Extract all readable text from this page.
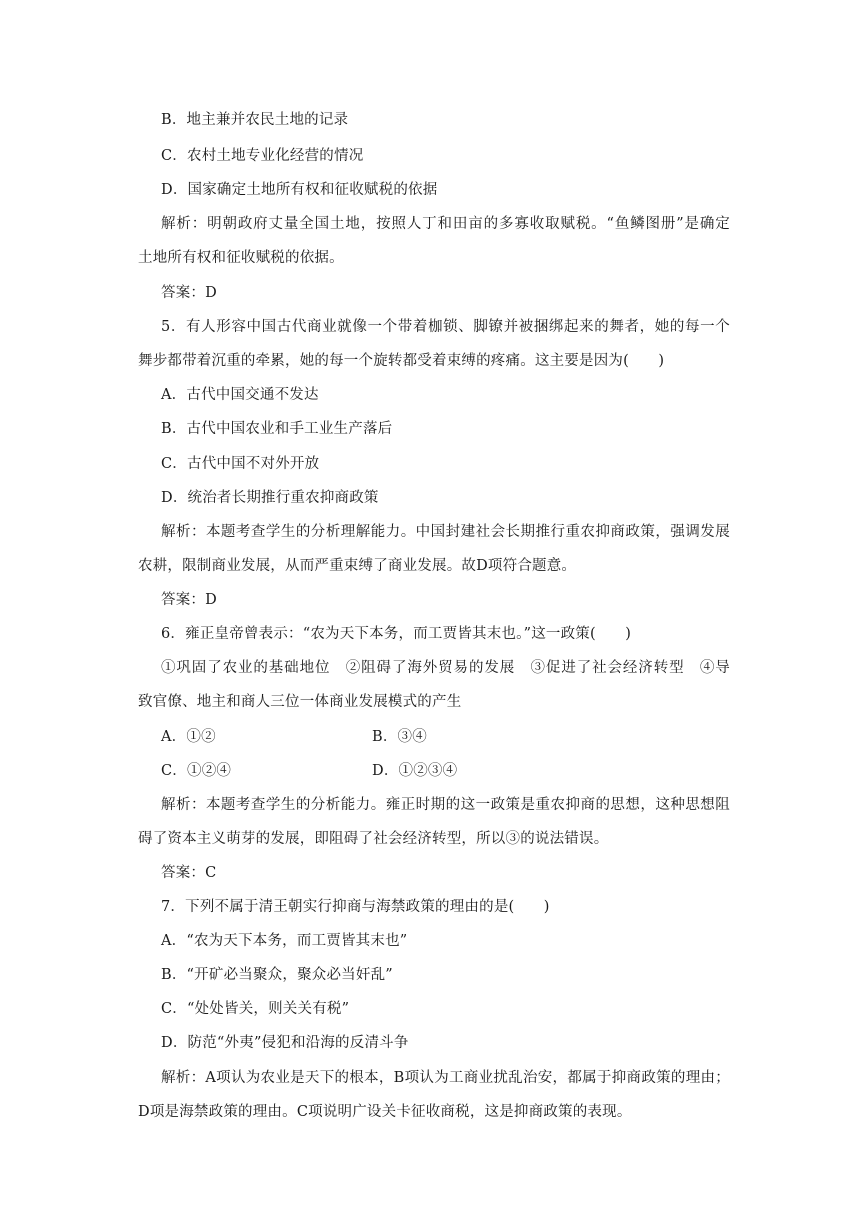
B．地主兼并农民土地的记录
C．农村土地专业化经营的情况
D．国家确定土地所有权和征收赋税的依据
解析：明朝政府丈量全国土地，按照人丁和田亩的多寡收取赋税。“鱼鳞图册”是确定
土地所有权和征收赋税的依据。
答案：D
5．有人形容中国古代商业就像一个带着枷锁、脚镣并被捆绑起来的舞者，她的每一个
舞步都带着沉重的牵累，她的每一个旋转都受着束缚的疼痛。这主要是因为(　　)
A．古代中国交通不发达
B．古代中国农业和手工业生产落后
C．古代中国不对外开放
D．统治者长期推行重农抑商政策
解析：本题考查学生的分析理解能力。中国封建社会长期推行重农抑商政策，强调发展
农耕，限制商业发展，从而严重束缚了商业发展。故D项符合题意。
答案：D
6．雍正皇帝曾表示：“农为天下本务，而工贾皆其末也。”这一政策(　　)
①巩固了农业的基础地位　②阻碍了海外贸易的发展　③促进了社会经济转型　④导
致官僚、地主和商人三位一体商业发展模式的产生
A．①②	B．③④
C．①②④	D．①②③④
解析：本题考查学生的分析能力。雍正时期的这一政策是重农抑商的思想，这种思想阻
碍了资本主义萌芽的发展，即阻碍了社会经济转型，所以③的说法错误。
答案：C
7．下列不属于清王朝实行抑商与海禁政策的理由的是(　　)
A．“农为天下本务，而工贾皆其末也”
B．“开矿必当聚众，聚众必当奸乱”
C．“处处皆关，则关关有税”
D．防范“外夷”侵犯和沿海的反清斗争
解析：A项认为农业是天下的根本，B项认为工商业扰乱治安，都属于抑商政策的理由；
D项是海禁政策的理由。C项说明广设关卡征收商税，这是抑商政策的表现。
